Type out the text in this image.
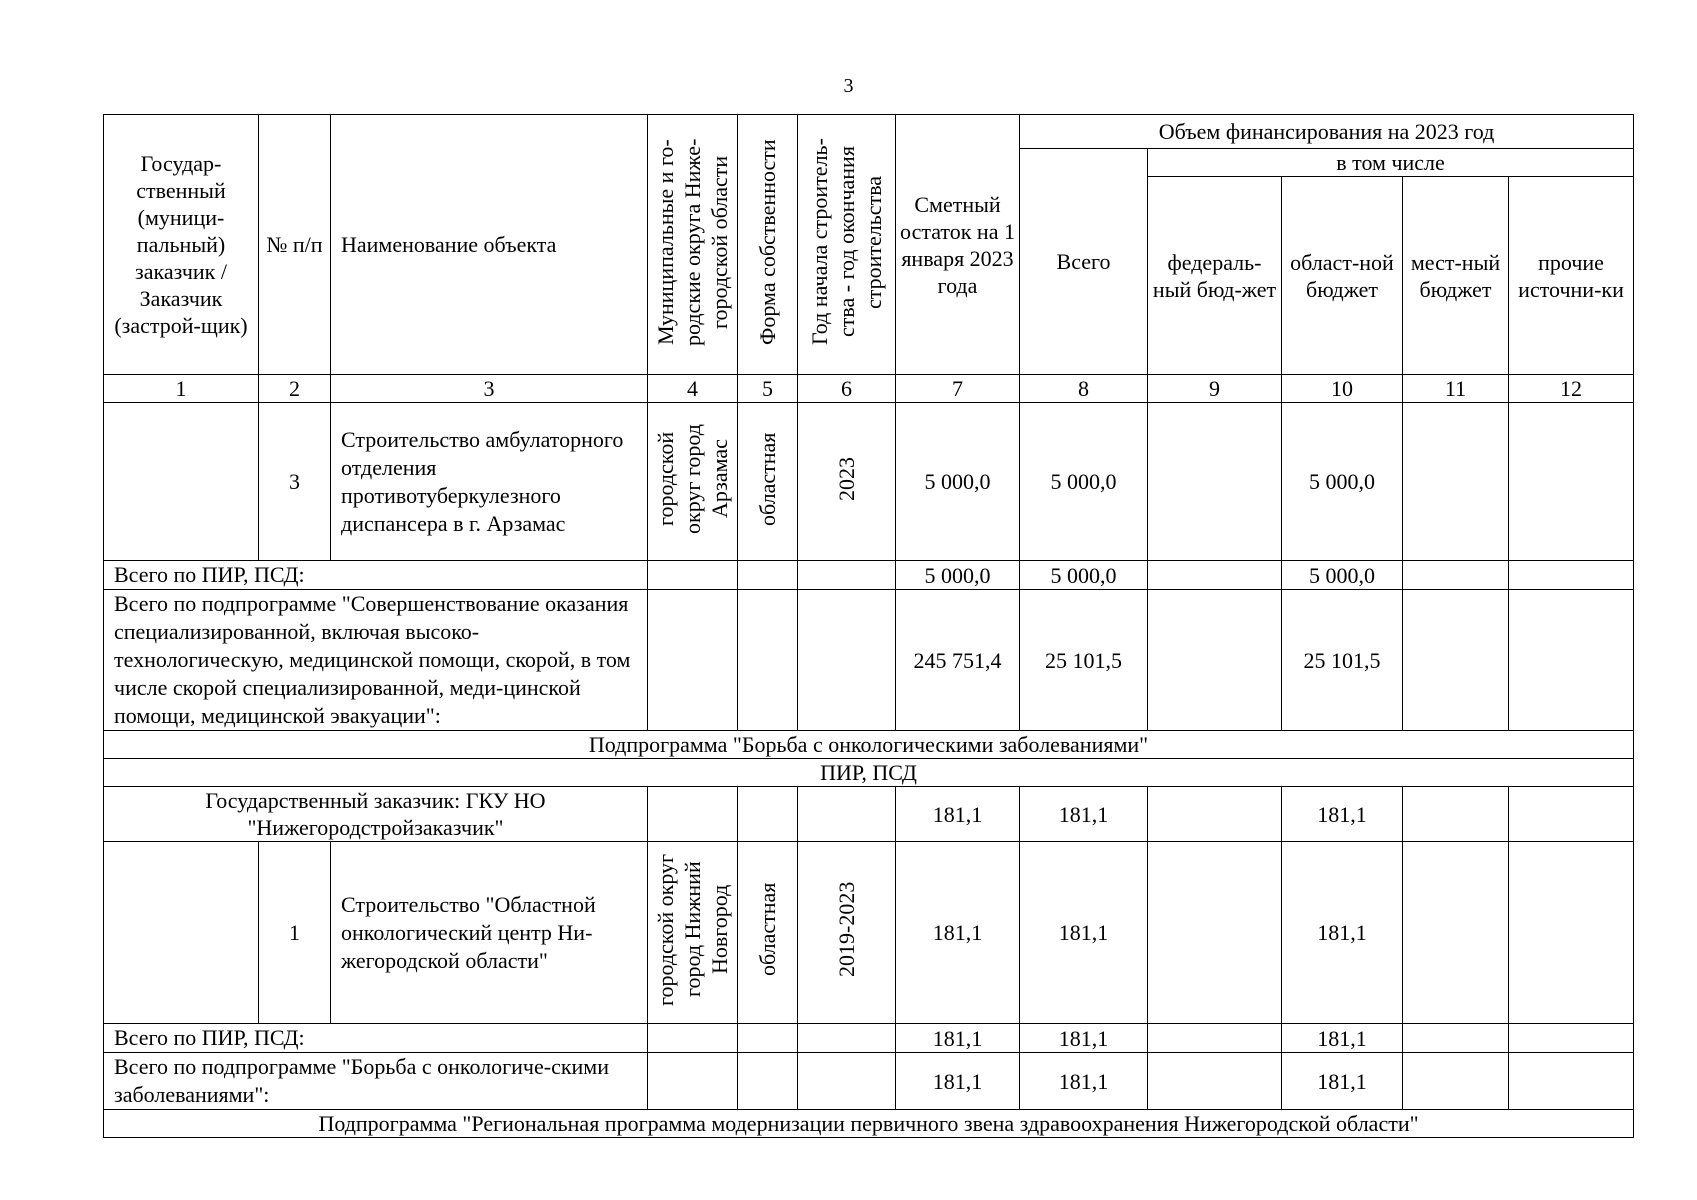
3
Государ-ственный (муници-пальный) заказчик / Заказчик (застрой-щик)	№ п/п	Наименование объекта	Муниципальные и го-родские округа Ниже-городской области	Форма собственности	Год начала строитель-ства - год окончания строительства	Сметный остаток на 1 января 2023 года	Объем финансирования на 2023 год				
							Всего	в том числе			
								федераль-ный бюд-жет	област-ной бюджет	мест-ный бюджет	прочие источни-ки
1	2	3	4	5	6	7	8	9	10	11	12
	3	Строительство амбулаторного отделения противотуберкулезного диспансера в г. Арзамас	городской округ город Арзамас	областная	2023	5 000,0	5 000,0		5 000,0		
Всего по ПИР, ПСД:						5 000,0	5 000,0		5 000,0		
Всего по подпрограмме "Совершенствование оказания специализированной, включая высоко-технологическую, медицинской помощи, скорой, в том числе скорой специализированной, меди-цинской помощи, медицинской эвакуации":						245 751,4	25 101,5		25 101,5		
Подпрограмма "Борьба с онкологическими заболеваниями"											
ПИР, ПСД											
Государственный заказчик: ГКУ НО "Нижегородстройзаказчик"						181,1	181,1		181,1		
	1	Строительство "Областной онкологический центр Ни-жегородской области"	городской округ город Нижний Новгород	областная	2019-2023	181,1	181,1		181,1		
Всего по ПИР, ПСД:						181,1	181,1		181,1		
Всего по подпрограмме "Борьба с онкологиче-скими заболеваниями":						181,1	181,1		181,1		
Подпрограмма "Региональная программа модернизации первичного звена здравоохранения Нижегородской области"											
